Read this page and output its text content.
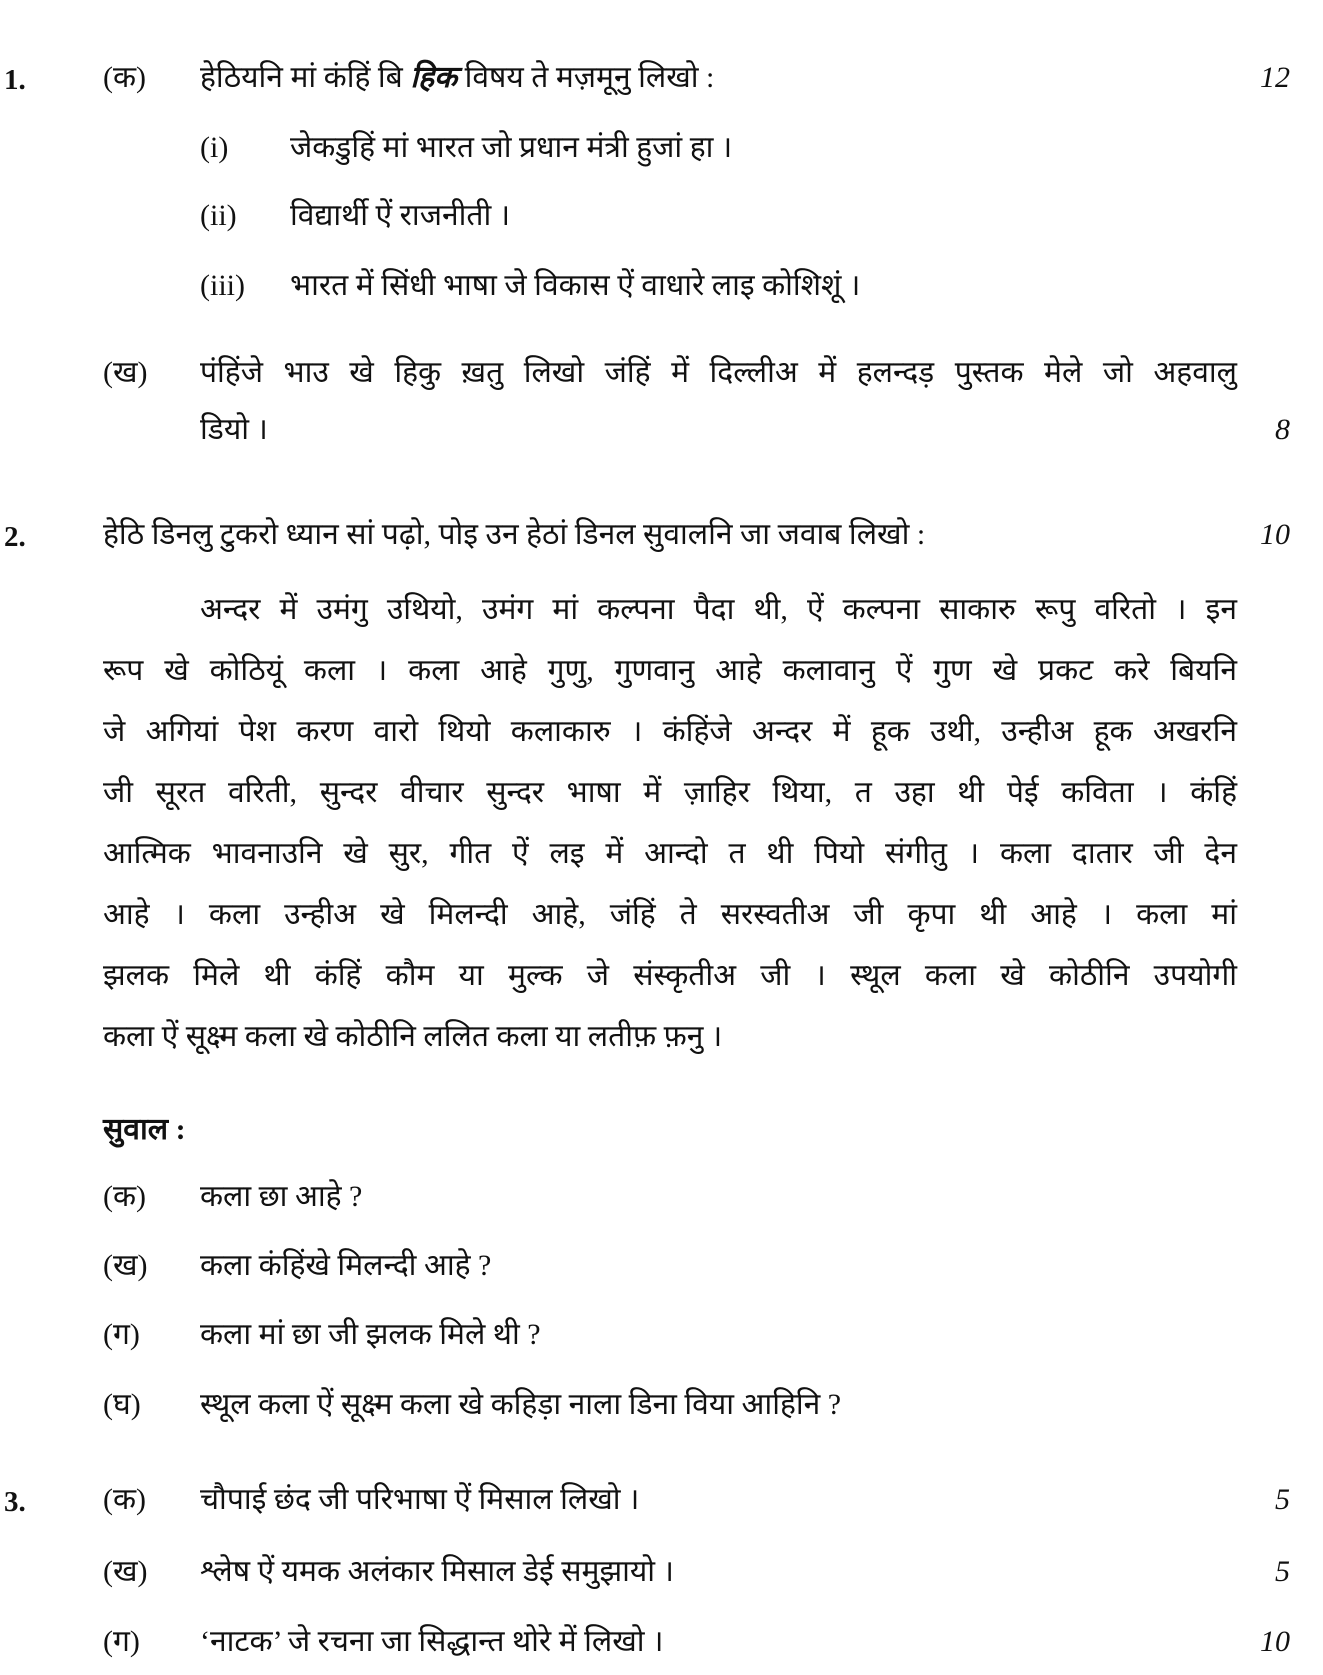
1.	(क) हेठियनि मां कंहिं बि हिक विषय ते मज़मूनु लिखो :	12
(i) जेकडुहिं मां भारत जो प्रधान मंत्री हुजां हा ।
(ii) विद्यार्थी ऐं राजनीती ।
(iii) भारत में सिंधी भाषा जे विकास ऐं वाधारे लाइ कोशिशूं ।
(ख) पंहिंजे भाउ खे हिकु ख़तु लिखो जंहिं में दिल्लीअ में हलन्दड़ पुस्तक मेले जो अहवालु
डियो ।	8
2.	हेठि डिनलु टुकरो ध्यान सां पढ़ो, पोइ उन हेठां डिनल सुवालनि जा जवाब लिखो :	10
अन्दर में उमंगु उथियो, उमंग मां कल्पना पैदा थी, ऐं कल्पना साकारु रूपु वरितो । इन
रूप खे कोठियूं कला । कला आहे गुणु, गुणवानु आहे कलावानु ऐं गुण खे प्रकट करे बियनि
जे अगियां पेश करण वारो थियो कलाकारु । कंहिंजे अन्दर में हूक उथी, उन्हीअ हूक अखरनि
जी सूरत वरिती, सुन्दर वीचार सुन्दर भाषा में ज़ाहिर थिया, त उहा थी पेई कविता । कंहिं
आत्मिक भावनाउनि खे सुर, गीत ऐं लइ में आन्दो त थी पियो संगीतु । कला दातार जी देन
आहे । कला उन्हीअ खे मिलन्दी आहे, जंहिं ते सरस्वतीअ जी कृपा थी आहे । कला मां
झलक मिले थी कंहिं कौम या मुल्क जे संस्कृतीअ जी । स्थूल कला खे कोठीनि उपयोगी
कला ऐं सूक्ष्म कला खे कोठीनि ललित कला या लतीफ़ फ़नु ।
सुवाल :
(क) कला छा आहे ?
(ख) कला कंहिंखे मिलन्दी आहे ?
(ग) कला मां छा जी झलक मिले थी ?
(घ) स्थूल कला ऐं सूक्ष्म कला खे कहिड़ा नाला डिना विया आहिनि ?
3.	(क) चौपाई छंद जी परिभाषा ऐं मिसाल लिखो ।	5
(ख) श्लेष ऐं यमक अलंकार मिसाल डेई समुझायो ।	5
(ग) ‘नाटक’ जे रचना जा सिद्धान्त थोरे में लिखो ।	10
